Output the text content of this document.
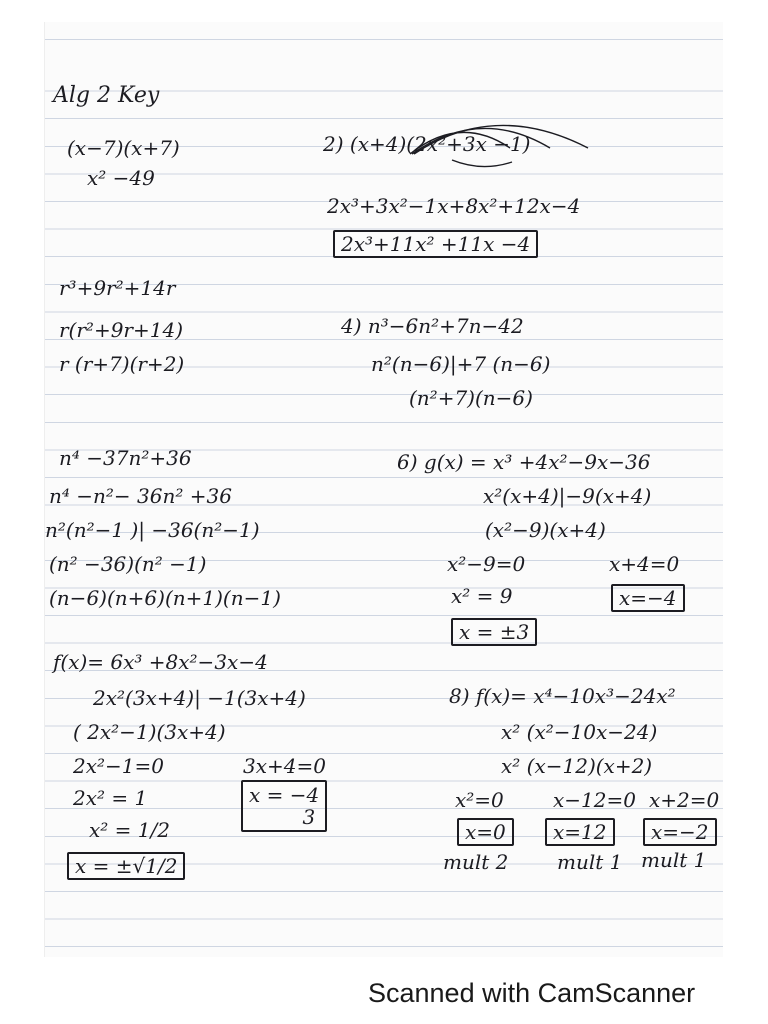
Alg 2 Key
(x−7)(x+7)
x² −49
2) (x+4)(2x²+3x −1)
2x³+3x²−1x+8x²+12x−4
2x³+11x² +11x −4
r³+9r²+14r
r(r²+9r+14)
r (r+7)(r+2)
4) n³−6n²+7n−42
n²(n−6)|+7 (n−6)
(n²+7)(n−6)
n⁴ −37n²+36
n⁴ −n²− 36n² +36
n²(n²−1 )| −36(n²−1)
(n² −36)(n² −1)
(n−6)(n+6)(n+1)(n−1)
6) g(x) = x³ +4x²−9x−36
x²(x+4)|−9(x+4)
(x²−9)(x+4)
x²−9=0	x+4=0
x² = 9	x=−4
x = ±3
f(x)= 6x³ +8x²−3x−4
2x²(3x+4)| −1(3x+4)
( 2x²−1)(3x+4)
2x²−1=0	3x+4=0
2x² = 1
x² = 1/2
x = −4
3
x = ±√1/2
8) f(x)= x⁴−10x³−24x²
x² (x²−10x−24)
x² (x−12)(x+2)
x²=0 x−12=0 x+2=0
x=0	x=12	x=−2
mult 2 mult 1 mult 1
Scanned with CamScanner
